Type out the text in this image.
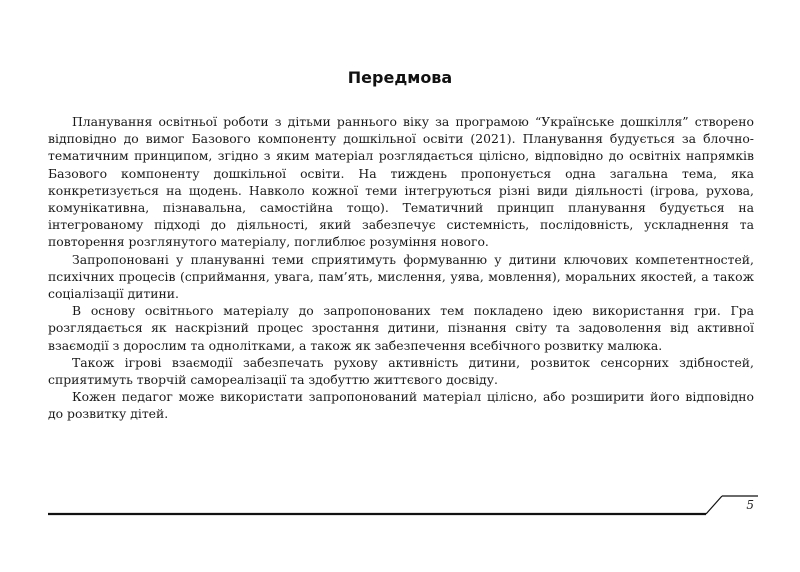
Передмова

Планування освітньої роботи з дітьми раннього віку за програмою “Українське дошкілля” створено відповідно до вимог Базового компоненту дошкільної освіти (2021). Планування будується за блочно-тематичним принципом, згідно з яким матеріал розглядається цілісно, відповідно до освітніх напрямків Базового компоненту дошкільної освіти. На тиждень пропонується одна загальна тема, яка конкретизується на щодень. Навколо кожної теми інтегруються різні види діяльності (ігрова, рухова, комунікативна, пізнавальна, самостійна тощо). Тематичний принцип планування будується на інтегрованому підході до діяльності, який забезпечує системність, послідовність, ускладнення та повторення розглянутого матеріалу, поглиблює розуміння нового.

Запропоновані у плануванні теми сприятимуть формуванню у дитини ключових компетентностей, психічних процесів (сприймання, увага, пам’ять, мислення, уява, мовлення), моральних якостей, а також соціалізації дитини.

В основу освітнього матеріалу до запропонованих тем покладено ідею використання гри. Гра розглядається як наскрізний процес зростання дитини, пізнання світу та задоволення від активної взаємодії з дорослим та однолітками, а також як забезпечення всебічного розвитку малюка.

Також ігрові взаємодії забезпечать рухову активність дитини, розвиток сенсорних здібностей, сприятимуть творчій самореалізації та здобуттю життєвого досвіду.

Кожен педагог може використати запропонований матеріал цілісно, або розширити його відповідно до розвитку дітей.

5
